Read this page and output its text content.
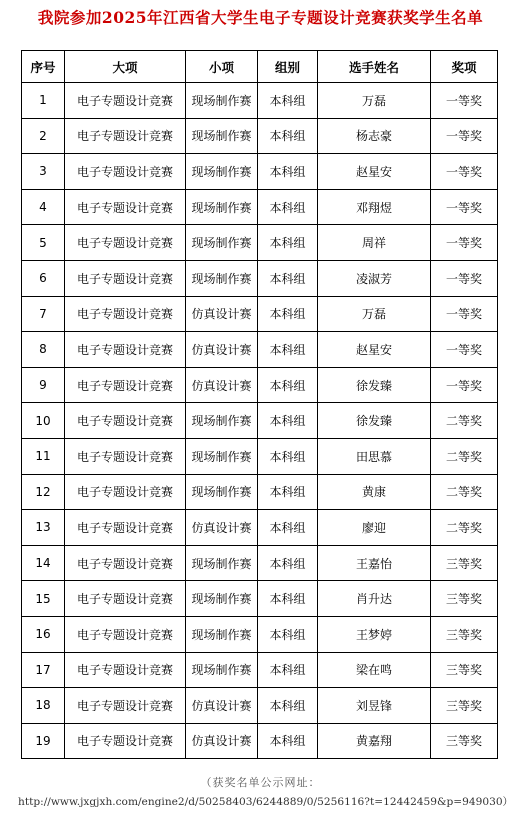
我院参加2025年江西省大学生电子专题设计竞赛获奖学生名单
序号	大项	小项	组别	选手姓名	奖项
1	电子专题设计竞赛	现场制作赛	本科组	万磊	一等奖
2	电子专题设计竞赛	现场制作赛	本科组	杨志豪	一等奖
3	电子专题设计竞赛	现场制作赛	本科组	赵星安	一等奖
4	电子专题设计竞赛	现场制作赛	本科组	邓翔煜	一等奖
5	电子专题设计竞赛	现场制作赛	本科组	周祥	一等奖
6	电子专题设计竞赛	现场制作赛	本科组	凌淑芳	一等奖
7	电子专题设计竞赛	仿真设计赛	本科组	万磊	一等奖
8	电子专题设计竞赛	仿真设计赛	本科组	赵星安	一等奖
9	电子专题设计竞赛	仿真设计赛	本科组	徐发臻	一等奖
10	电子专题设计竞赛	现场制作赛	本科组	徐发臻	二等奖
11	电子专题设计竞赛	现场制作赛	本科组	田思慕	二等奖
12	电子专题设计竞赛	现场制作赛	本科组	黄康	二等奖
13	电子专题设计竞赛	仿真设计赛	本科组	廖迎	二等奖
14	电子专题设计竞赛	现场制作赛	本科组	王嘉怡	三等奖
15	电子专题设计竞赛	现场制作赛	本科组	肖升达	三等奖
16	电子专题设计竞赛	现场制作赛	本科组	王梦婷	三等奖
17	电子专题设计竞赛	现场制作赛	本科组	梁在鸣	三等奖
18	电子专题设计竞赛	仿真设计赛	本科组	刘昱锋	三等奖
19	电子专题设计竞赛	仿真设计赛	本科组	黄嘉翔	三等奖
（获奖名单公示网址：
http://www.jxgjxh.com/engine2/d/50258403/6244889/0/5256116?t=12442459&p=949030）
